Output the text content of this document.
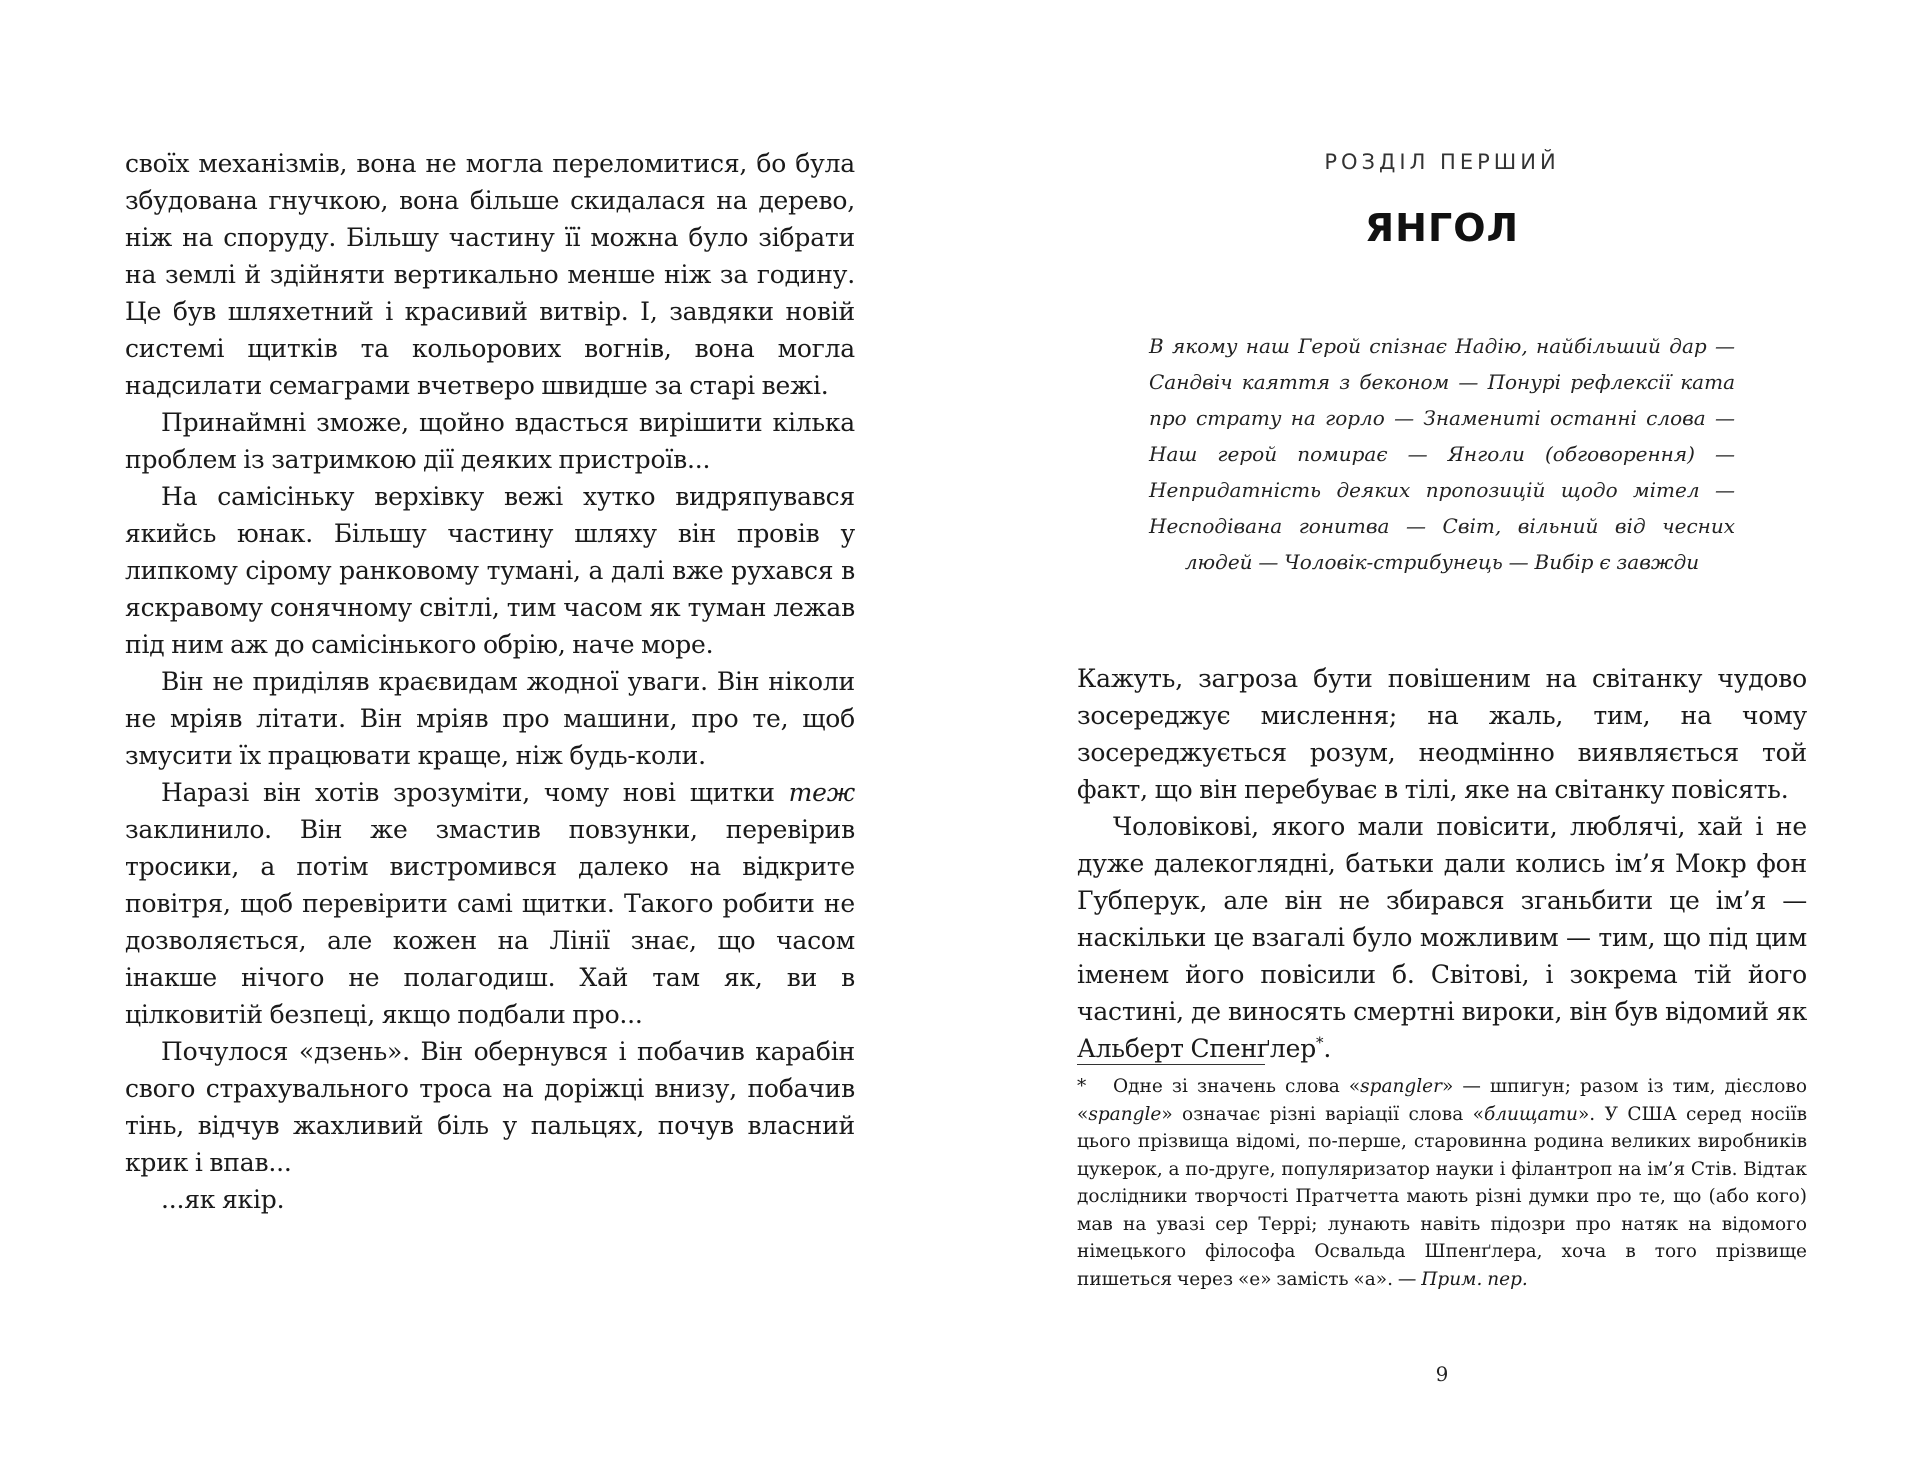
своїх механізмів, вона не могла переломитися, бо була збудована гнучкою, вона більше скидалася на дерево, ніж на споруду. Більшу частину її можна було зібрати на землі й здійняти вертикально менше ніж за годину. Це був шляхетний і красивий витвір. І, завдяки новій системі щитків та кольорових вогнів, вона могла надсилати семаграми вчетверо швидше за старі вежі.

Принаймні зможе, щойно вдасться вирішити кілька проблем із затримкою дії деяких пристроїв...

На самісіньку верхівку вежі хутко видряпувався якийсь юнак. Більшу частину шляху він провів у липкому сірому ранковому тумані, а далі вже рухався в яскравому сонячному світлі, тим часом як туман лежав під ним аж до самісінького обрію, наче море.

Він не приділяв краєвидам жодної уваги. Він ніколи не мріяв літати. Він мріяв про машини, про те, щоб змусити їх працювати краще, ніж будь-коли.

Наразі він хотів зрозуміти, чому нові щитки теж заклинило. Він же змастив повзунки, перевірив тросики, а потім вистромився далеко на відкрите повітря, щоб перевірити самі щитки. Такого робити не дозволяється, але кожен на Лінії знає, що часом інакше нічого не полагодиш. Хай там як, ви в цілковитій безпеці, якщо подбали про...

Почулося «дзень». Він обернувся і побачив карабін свого страхувального троса на доріжці внизу, побачив тінь, відчув жахливий біль у пальцях, почув власний крик і впав...

...як якір.

РОЗДІЛ ПЕРШИЙ
ЯНГОЛ
В якому наш Герой спізнає Надію, найбільший дар — Сандвіч каяття з беконом — Понурі рефлексії ката про страту на горло — Знамениті останні слова — Наш герой помирає — Янголи (обговорення) — Непридатність деяких пропозицій щодо мітел — Несподівана гонитва — Світ, вільний від чесних людей — Чоловік-стрибунець — Вибір є завжди

Кажуть, загроза бути повішеним на світанку чудово зосереджує мислення; на жаль, тим, на чому зосереджується розум, неодмінно виявляється той факт, що він перебуває в тілі, яке на світанку повісять.

Чоловікові, якого мали повісити, люблячі, хай і не дуже далекоглядні, батьки дали колись ім’я Мокр фон Губперук, але він не збирався зганьбити це ім’я — наскільки це взагалі було можливим — тим, що під цим іменем його повісили б. Світові, і зокрема тій його частині, де виносять смертні вироки, він був відомий як Альберт Спенґлер*.

* Одне зі значень слова «spangler» — шпигун; разом із тим, дієслово «spangle» означає різні варіації слова «блищати». У США серед носіїв цього прізвища відомі, по-перше, старовинна родина великих виробників цукерок, а по-друге, популяризатор науки і філантроп на ім’я Стів. Відтак дослідники творчості Пратчетта мають різні думки про те, що (або кого) мав на увазі сер Террі; лунають навіть підозри про натяк на відомого німецького філософа Освальда Шпенґлера, хоча в того прізвище пишеться через «е» замість «а». — Прим. пер.
9
